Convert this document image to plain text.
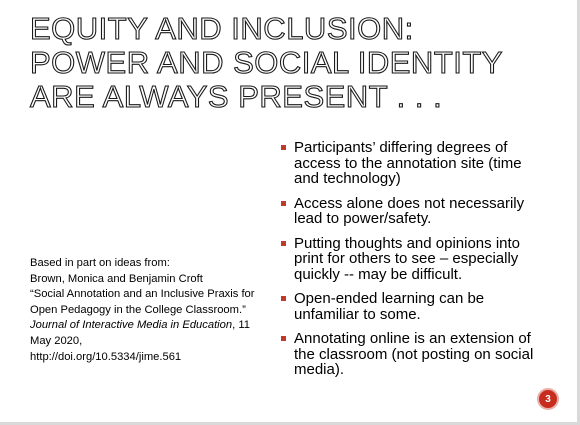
EQUITY AND INCLUSION:
POWER AND SOCIAL IDENTITY
ARE ALWAYS PRESENT . . .
Participants’ differing degrees of access to the annotation site (time and technology)
Access alone does not necessarily lead to power/safety.
Putting thoughts and opinions into print for others to see – especially quickly -- may be difficult.
Open-ended learning can be unfamiliar to some.
Annotating online is an extension of the classroom (not posting on social media).
Based in part on ideas from:
Brown, Monica and Benjamin Croft
“Social Annotation and an Inclusive Praxis for Open Pedagogy in the College Classroom.” Journal of Interactive Media in Education, 11 May 2020,
http://doi.org/10.5334/jime.561
3
